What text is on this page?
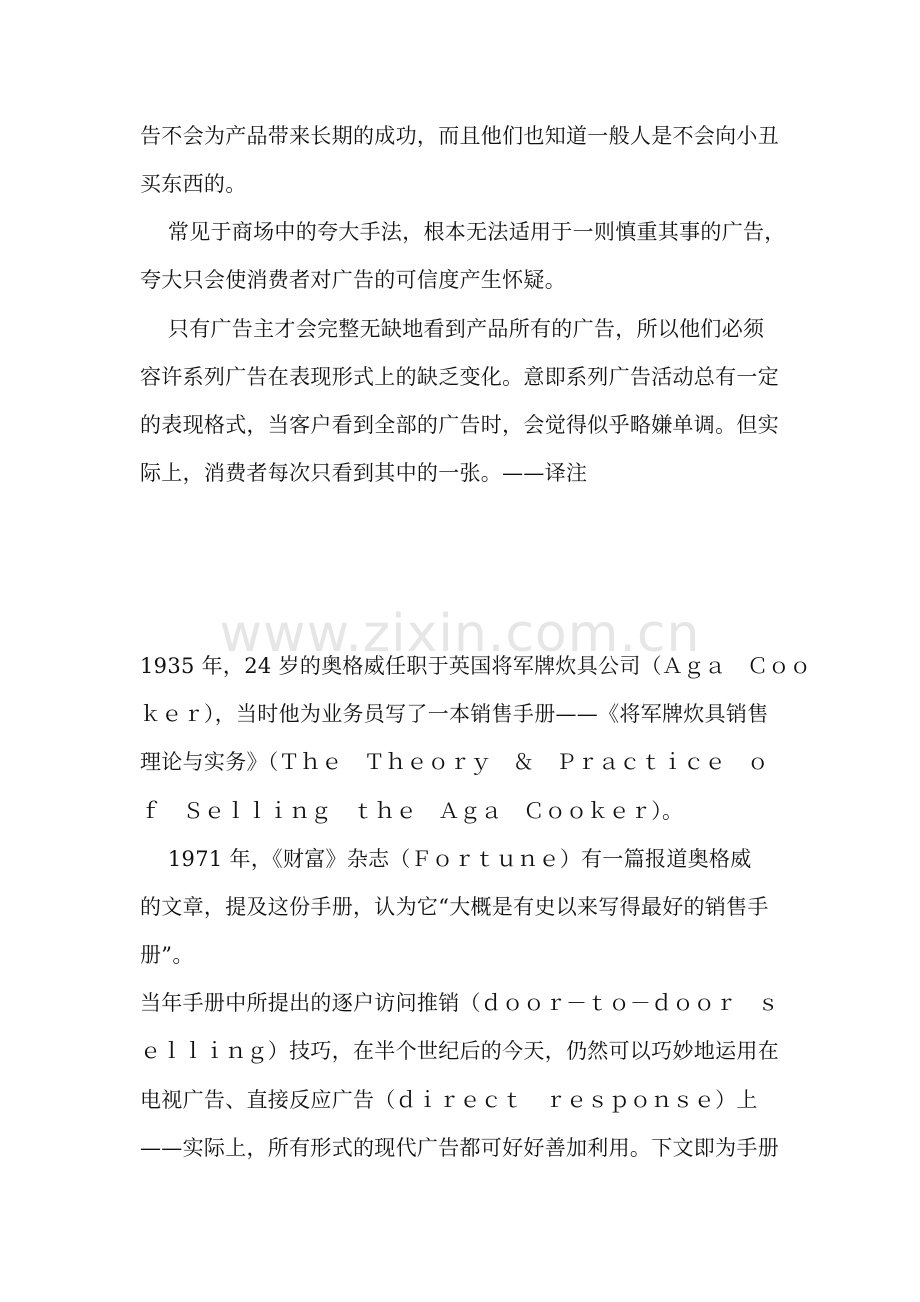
www.zixin.com.cn
告不会为产品带来长期的成功，而且他们也知道一般人是不会向小丑
买东西的。
常见于商场中的夸大手法，根本无法适用于一则慎重其事的广告，
夸大只会使消费者对广告的可信度产生怀疑。
只有广告主才会完整无缺地看到产品所有的广告，所以他们必须
容许系列广告在表现形式上的缺乏变化。意即系列广告活动总有一定
的表现格式，当客户看到全部的广告时，会觉得似乎略嫌单调。但实
际上，消费者每次只看到其中的一张。——译注
1935 年，24 岁的奥格威任职于英国将军牌炊具公司（Ａｇａ　Ｃｏｏ
ｋｅｒ），当时他为业务员写了一本销售手册——《将军牌炊具销售
理论与实务》（Ｔｈｅ　Ｔｈｅｏｒｙ　＆　Ｐｒａｃｔｉｃｅ　ｏ
ｆ　Ｓｅｌｌｉｎｇ　ｔｈｅ　Ａｇａ　Ｃｏｏｋｅｒ）。
1971 年，《财富》杂志（Ｆｏｒｔｕｎｅ）有一篇报道奥格威
的文章，提及这份手册，认为它“大概是有史以来写得最好的销售手
册”。
当年手册中所提出的逐户访问推销（ｄｏｏｒ－ｔｏ－ｄｏｏｒ　ｓ
ｅｌｌｉｎｇ）技巧，在半个世纪后的今天，仍然可以巧妙地运用在
电视广告、直接反应广告（ｄｉｒｅｃｔ　ｒｅｓｐｏｎｓｅ）上
——实际上，所有形式的现代广告都可好好善加利用。下文即为手册
